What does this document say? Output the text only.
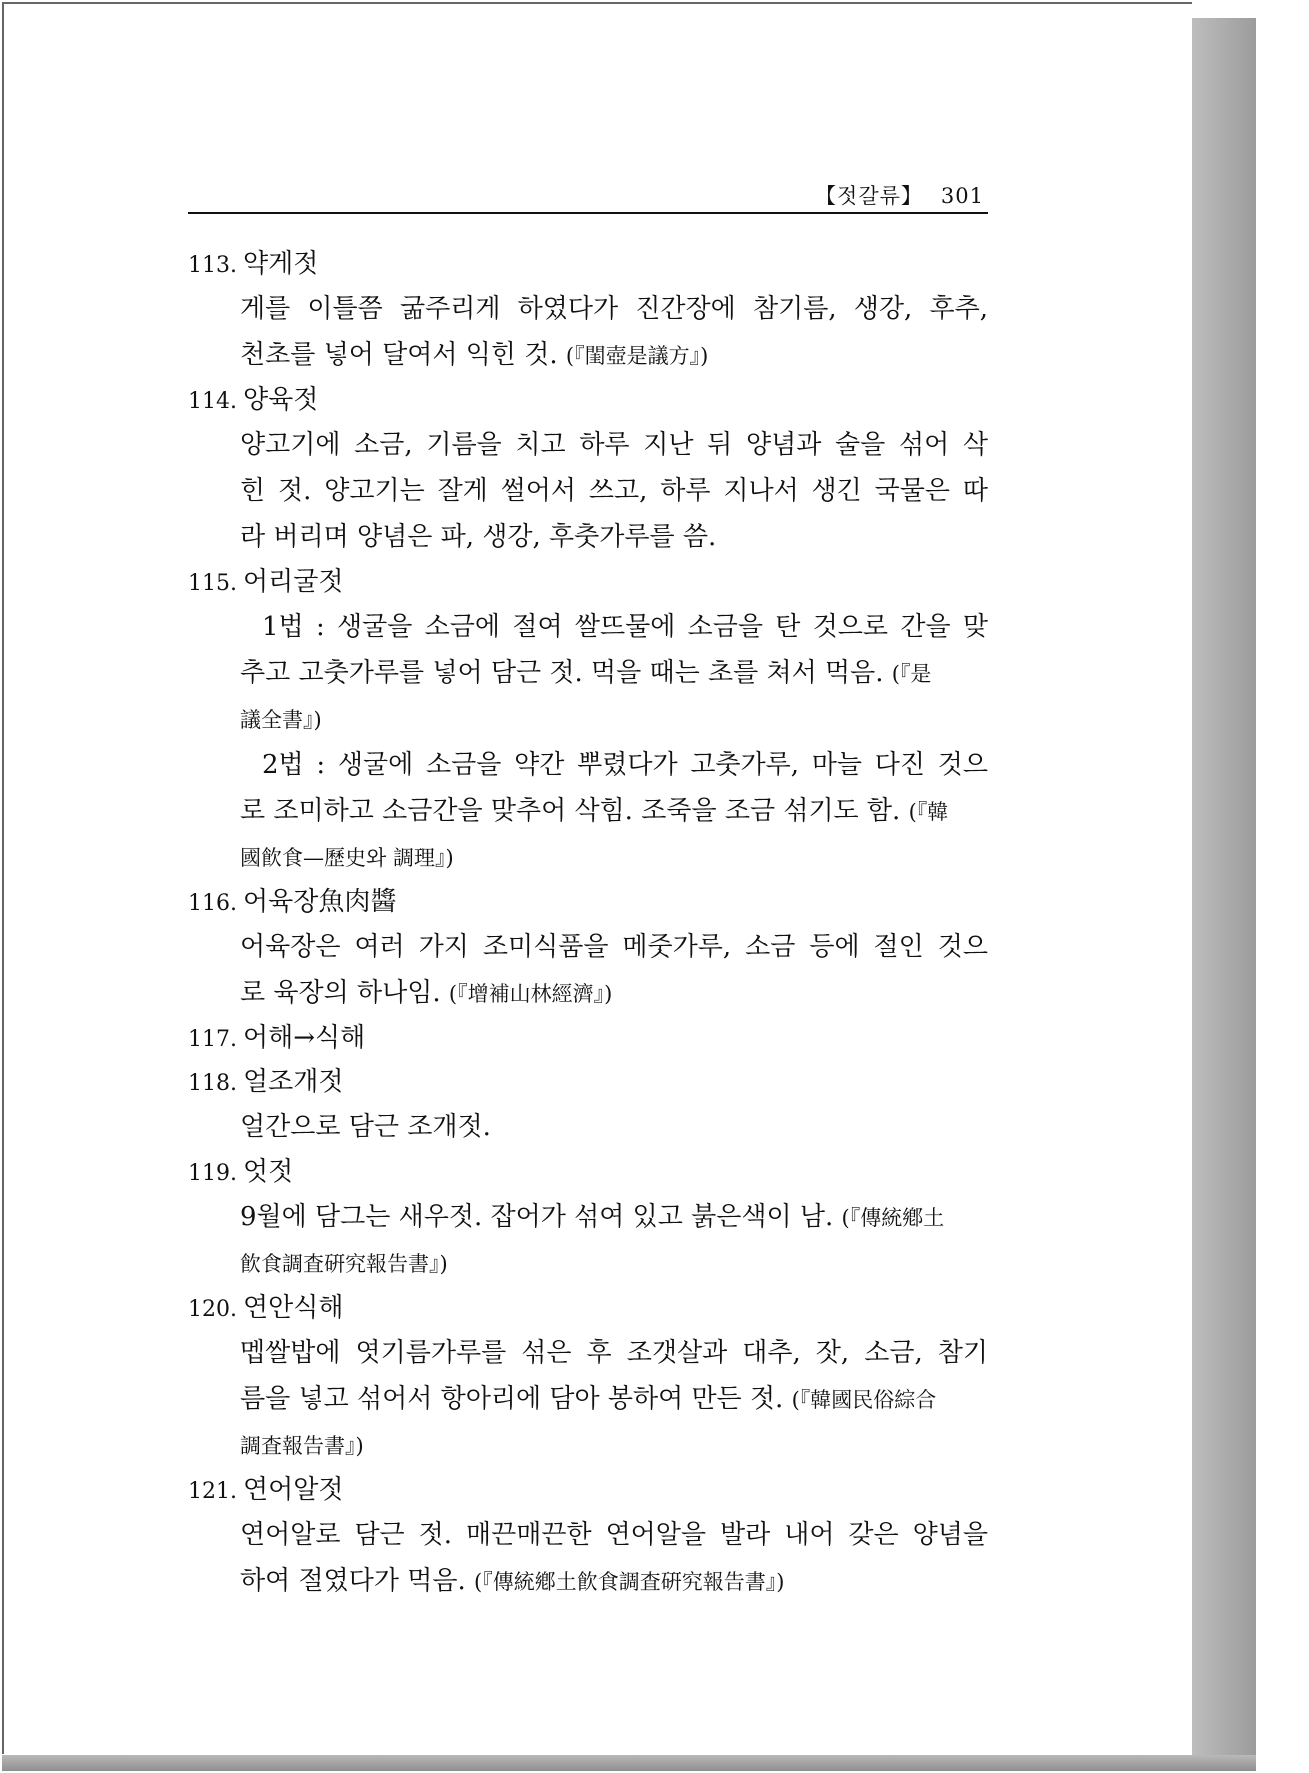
【젓갈류】 301
113. 약게젓
게를 이틀쯤 굶주리게 하였다가 진간장에 참기름, 생강, 후추,
천초를 넣어 달여서 익힌 것. (『閨壺是議方』)
114. 양육젓
양고기에 소금, 기름을 치고 하루 지난 뒤 양념과 술을 섞어 삭
힌 젓. 양고기는 잘게 썰어서 쓰고, 하루 지나서 생긴 국물은 따
라 버리며 양념은 파, 생강, 후춧가루를 씀.
115. 어리굴젓
1법 : 생굴을 소금에 절여 쌀뜨물에 소금을 탄 것으로 간을 맞
추고 고춧가루를 넣어 담근 젓. 먹을 때는 초를 쳐서 먹음. (『是
議全書』)
2법 : 생굴에 소금을 약간 뿌렸다가 고춧가루, 마늘 다진 것으
로 조미하고 소금간을 맞추어 삭힘. 조죽을 조금 섞기도 함. (『韓
國飮食—歷史와 調理』)
116. 어육장魚肉醬
어육장은 여러 가지 조미식품을 메줏가루, 소금 등에 절인 것으
로 육장의 하나임. (『增補山林經濟』)
117. 어해→식해
118. 얼조개젓
얼간으로 담근 조개젓.
119. 엇젓
9월에 담그는 새우젓. 잡어가 섞여 있고 붉은색이 남. (『傳統鄕土
飮食調査硏究報告書』)
120. 연안식해
멥쌀밥에 엿기름가루를 섞은 후 조갯살과 대추, 잣, 소금, 참기
름을 넣고 섞어서 항아리에 담아 봉하여 만든 젓. (『韓國民俗綜合
調査報告書』)
121. 연어알젓
연어알로 담근 젓. 매끈매끈한 연어알을 발라 내어 갖은 양념을
하여 절였다가 먹음. (『傳統鄕土飮食調査硏究報告書』)
